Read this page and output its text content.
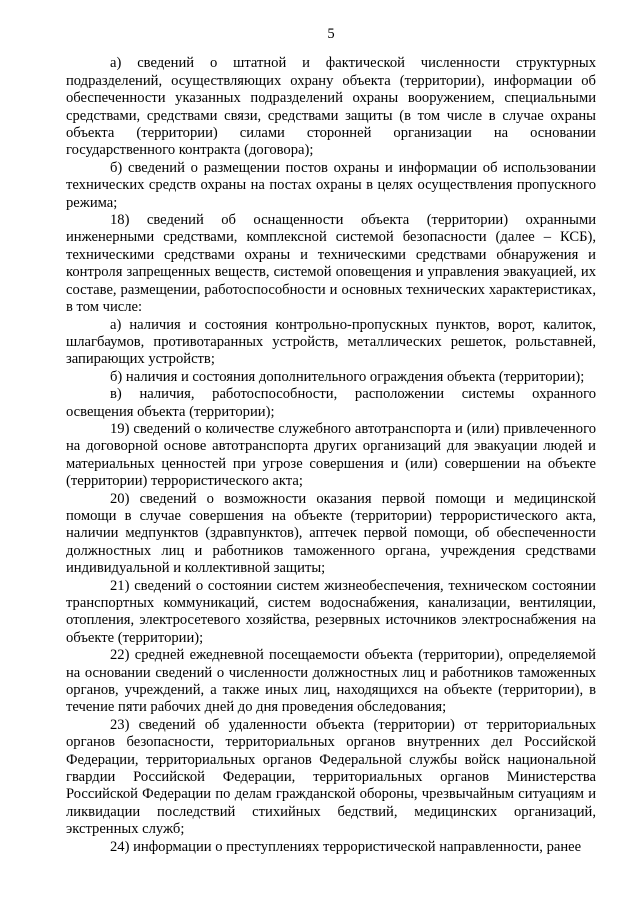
5

а) сведений о штатной и фактической численности структурных подразделений, осуществляющих охрану объекта (территории), информации об обеспеченности указанных подразделений охраны вооружением, специальными средствами, средствами связи, средствами защиты (в том числе в случае охраны объекта (территории) силами сторонней организации на основании государственного контракта (договора);

б) сведений о размещении постов охраны и информации об использовании технических средств охраны на постах охраны в целях осуществления пропускного режима;

18) сведений об оснащенности объекта (территории) охранными инженерными средствами, комплексной системой безопасности (далее – КСБ), техническими средствами охраны и техническими средствами обнаружения и контроля запрещенных веществ, системой оповещения и управления эвакуацией, их составе, размещении, работоспособности и основных технических характеристиках, в том числе:

а) наличия и состояния контрольно-пропускных пунктов, ворот, калиток, шлагбаумов, противотаранных устройств, металлических решеток, рольставней, запирающих устройств;

б) наличия и состояния дополнительного ограждения объекта (территории);

в) наличия, работоспособности, расположении системы охранного освещения объекта (территории);

19) сведений о количестве служебного автотранспорта и (или) привлеченного на договорной основе автотранспорта других организаций для эвакуации людей и материальных ценностей при угрозе совершения и (или) совершении на объекте (территории) террористического акта;

20) сведений о возможности оказания первой помощи и медицинской помощи в случае совершения на объекте (территории) террористического акта, наличии медпунктов (здравпунктов), аптечек первой помощи, об обеспеченности должностных лиц и работников таможенного органа, учреждения средствами индивидуальной и коллективной защиты;

21) сведений о состоянии систем жизнеобеспечения, техническом состоянии транспортных коммуникаций, систем водоснабжения, канализации, вентиляции, отопления, электросетевого хозяйства, резервных источников электроснабжения на объекте (территории);

22) средней ежедневной посещаемости объекта (территории), определяемой на основании сведений о численности должностных лиц и работников таможенных органов, учреждений, а также иных лиц, находящихся на объекте (территории), в течение пяти рабочих дней до дня проведения обследования;

23) сведений об удаленности объекта (территории) от территориальных органов безопасности, территориальных органов внутренних дел Российской Федерации, территориальных органов Федеральной службы войск национальной гвардии Российской Федерации, территориальных органов Министерства Российской Федерации по делам гражданской обороны, чрезвычайным ситуациям и ликвидации последствий стихийных бедствий, медицинских организаций, экстренных служб;

24) информации о преступлениях террористической направленности, ранее
